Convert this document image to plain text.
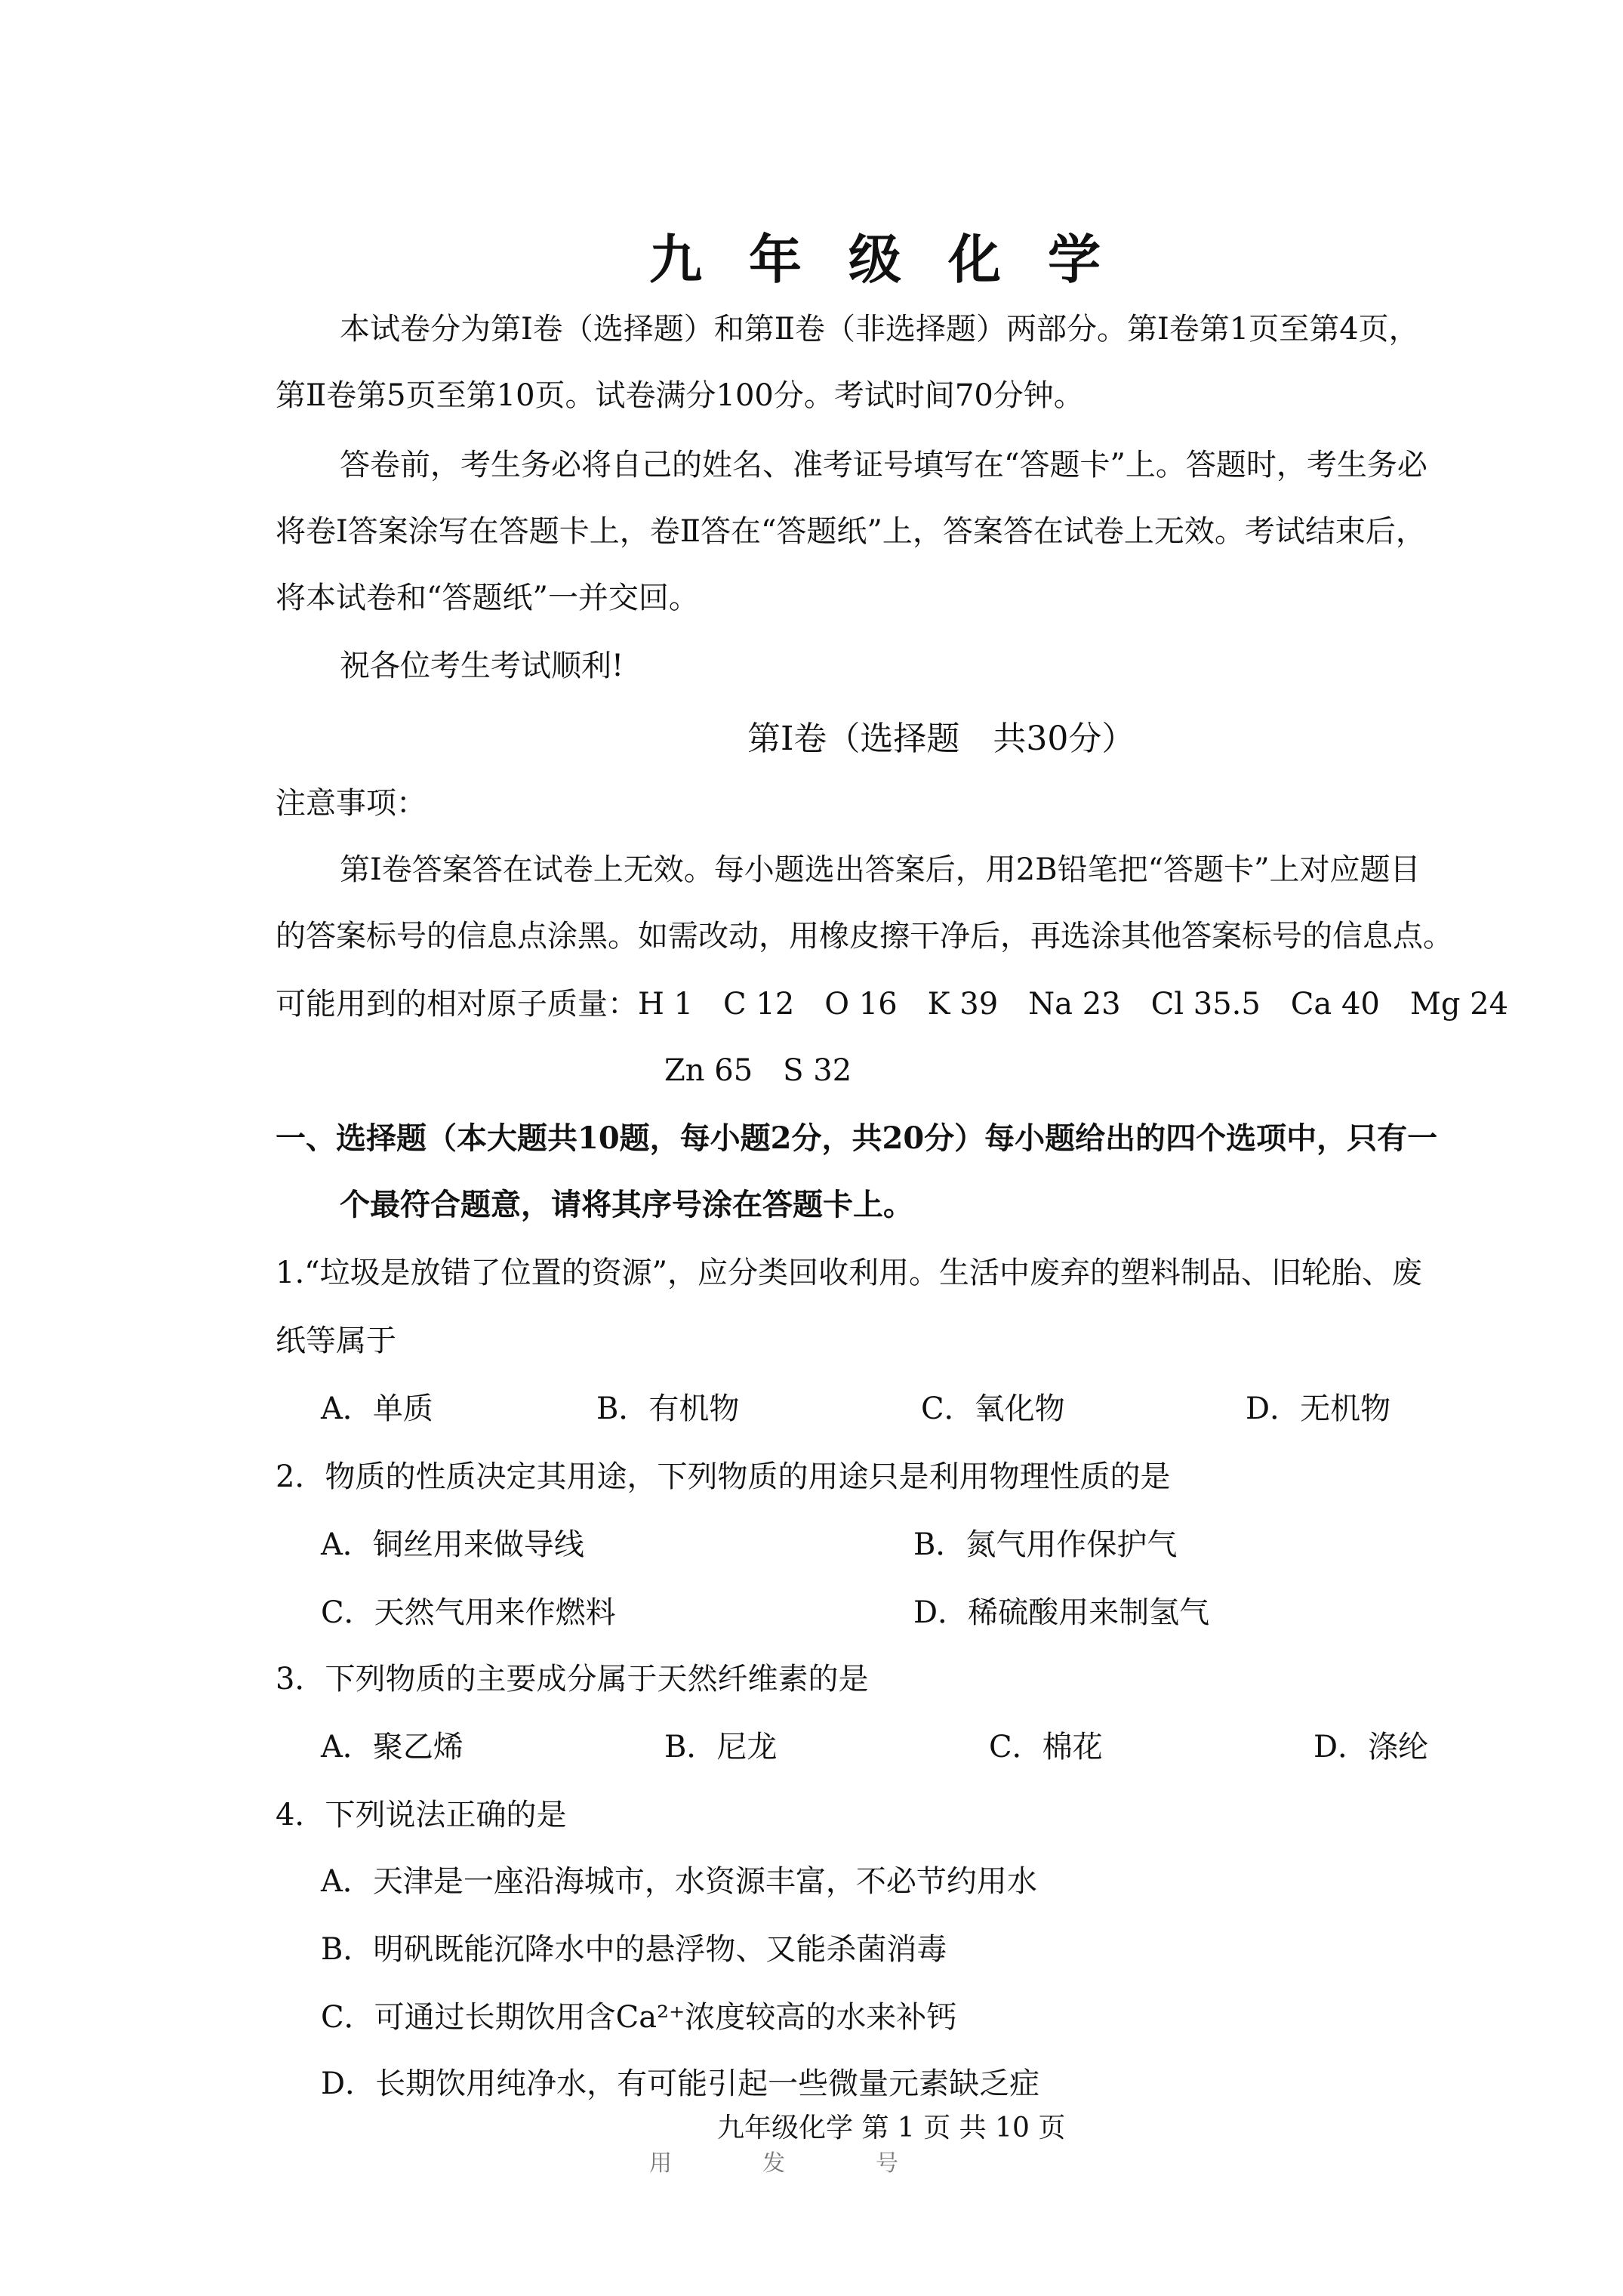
九年级化学
本试卷分为第Ⅰ卷（选择题）和第Ⅱ卷（非选择题）两部分。第Ⅰ卷第1页至第4页，
第Ⅱ卷第5页至第10页。试卷满分100分。考试时间70分钟。
答卷前，考生务必将自己的姓名、准考证号填写在“答题卡”上。答题时，考生务必
将卷Ⅰ答案涂写在答题卡上，卷Ⅱ答在“答题纸”上，答案答在试卷上无效。考试结束后，
将本试卷和“答题纸”一并交回。
祝各位考生考试顺利!
第Ⅰ卷（选择题　共30分）
注意事项：
第Ⅰ卷答案答在试卷上无效。每小题选出答案后，用2B铅笔把“答题卡”上对应题目
的答案标号的信息点涂黑。如需改动，用橡皮擦干净后，再选涂其他答案标号的信息点。
可能用到的相对原子质量：H 1　C 12　O 16　K 39　Na 23　Cl 35.5　Ca 40　Mg 24
Zn 65　S 32
一、选择题（本大题共10题，每小题2分，共20分）每小题给出的四个选项中，只有一
个最符合题意，请将其序号涂在答题卡上。
1.“垃圾是放错了位置的资源”，应分类回收利用。生活中废弃的塑料制品、旧轮胎、废
纸等属于
A．单质	B．有机物	C．氧化物	D．无机物
2．物质的性质决定其用途，下列物质的用途只是利用物理性质的是
A．铜丝用来做导线	B．氮气用作保护气
C．天然气用来作燃料	D．稀硫酸用来制氢气
3．下列物质的主要成分属于天然纤维素的是
A．聚乙烯	B．尼龙	C．棉花	D．涤纶
4．下列说法正确的是
A．天津是一座沿海城市，水资源丰富，不必节约用水
B．明矾既能沉降水中的悬浮物、又能杀菌消毒
C．可通过长期饮用含Ca²⁺浓度较高的水来补钙
D．长期饮用纯净水，有可能引起一些微量元素缺乏症
九年级化学 第 1 页 共 10 页
用　　发　　号
